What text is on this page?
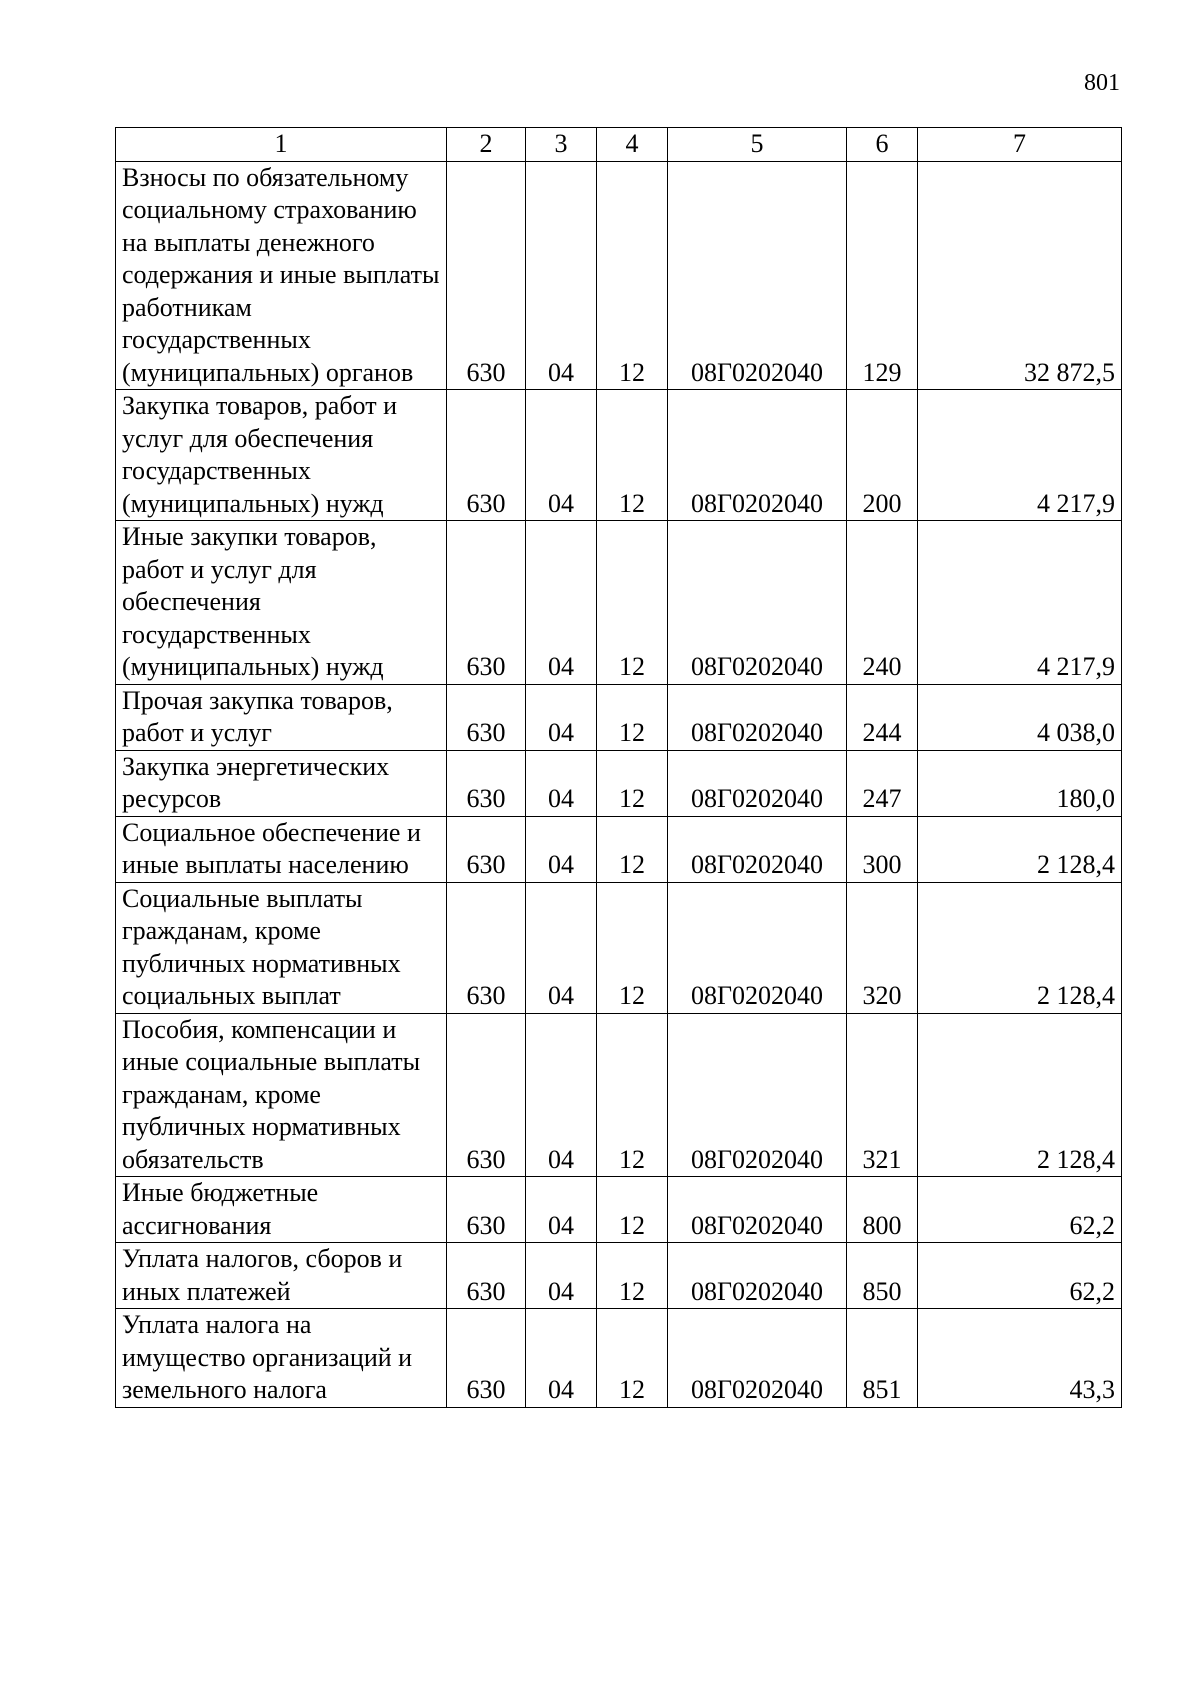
801
1	2	3	4	5	6	7
Взносы по обязательному социальному страхованию на выплаты денежного содержания и иные выплаты работникам государственных (муниципальных) органов	630	04	12	08Г0202040	129	32 872,5
Закупка товаров, работ и услуг для обеспечения государственных (муниципальных) нужд	630	04	12	08Г0202040	200	4 217,9
Иные закупки товаров, работ и услуг для обеспечения государственных (муниципальных) нужд	630	04	12	08Г0202040	240	4 217,9
Прочая закупка товаров, работ и услуг	630	04	12	08Г0202040	244	4 038,0
Закупка энергетических ресурсов	630	04	12	08Г0202040	247	180,0
Социальное обеспечение и иные выплаты населению	630	04	12	08Г0202040	300	2 128,4
Социальные выплаты гражданам, кроме публичных нормативных социальных выплат	630	04	12	08Г0202040	320	2 128,4
Пособия, компенсации и иные социальные выплаты гражданам, кроме публичных нормативных обязательств	630	04	12	08Г0202040	321	2 128,4
Иные бюджетные ассигнования	630	04	12	08Г0202040	800	62,2
Уплата налогов, сборов и иных платежей	630	04	12	08Г0202040	850	62,2
Уплата налога на имущество организаций и земельного налога	630	04	12	08Г0202040	851	43,3
